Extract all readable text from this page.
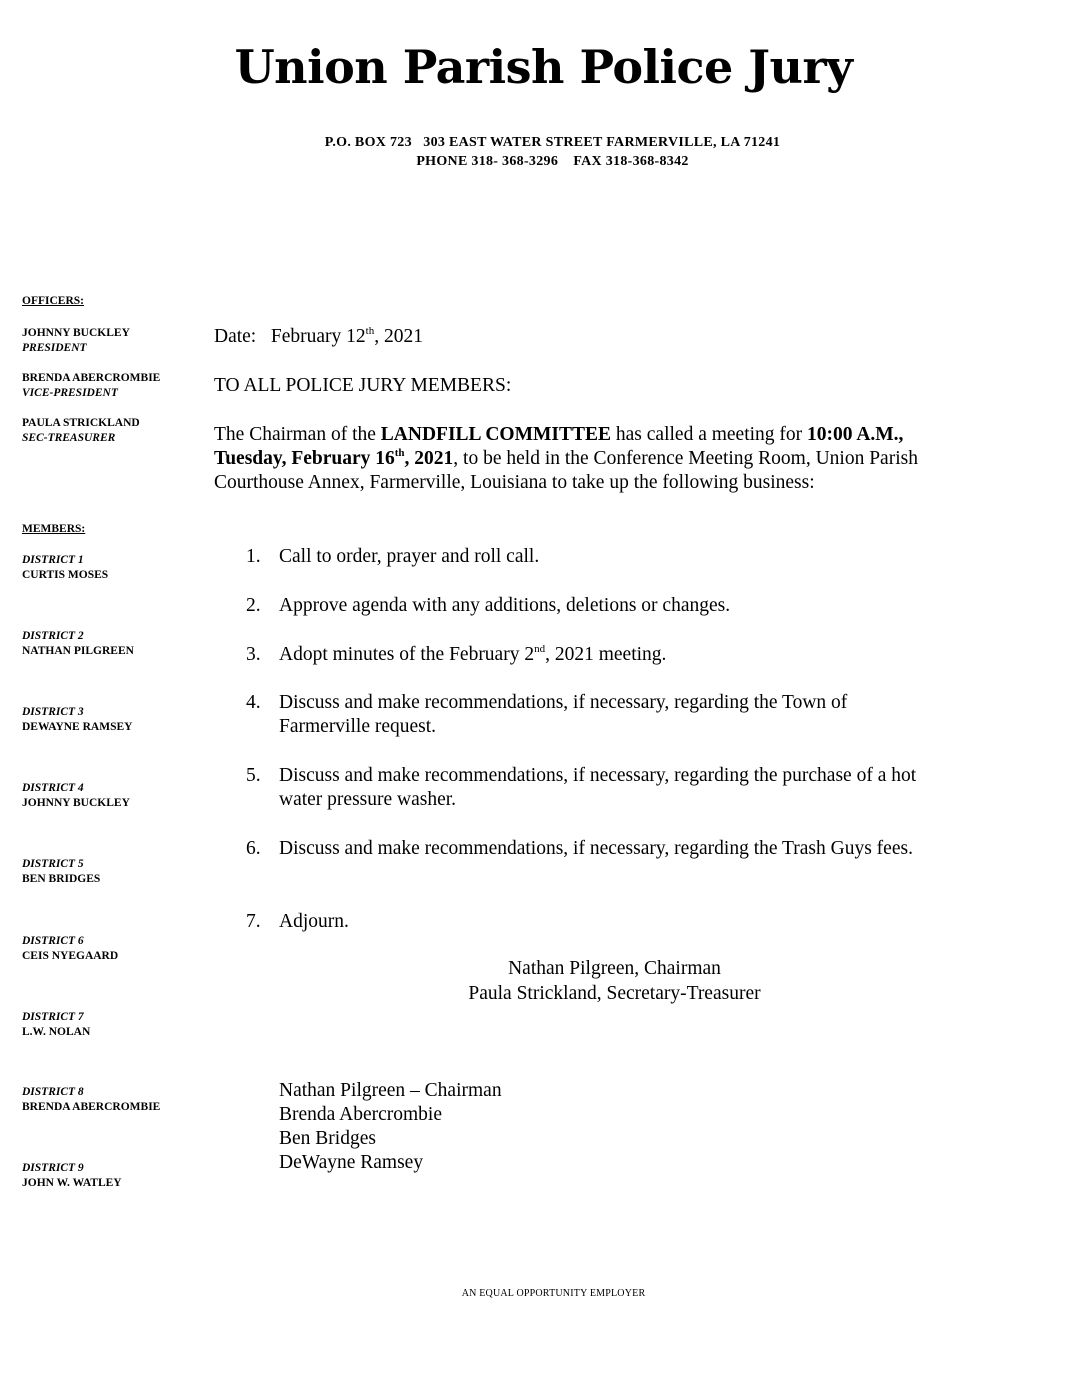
Union Parish Police Jury
P.O. BOX 723   303 EAST WATER STREET FARMERVILLE, LA 71241
PHONE 318- 368-3296    FAX 318-368-8342
OFFICERS:
JOHNNY BUCKLEY
PRESIDENT
BRENDA ABERCROMBIE
VICE-PRESIDENT
PAULA STRICKLAND
SEC-TREASURER
MEMBERS:
DISTRICT 1
CURTIS MOSES
DISTRICT 2
NATHAN PILGREEN
DISTRICT 3
DEWAYNE RAMSEY
DISTRICT 4
JOHNNY BUCKLEY
DISTRICT 5
BEN BRIDGES
DISTRICT 6
CEIS NYEGAARD
DISTRICT 7
L.W. NOLAN
DISTRICT 8
BRENDA ABERCROMBIE
DISTRICT 9
JOHN W. WATLEY
Date: February 12th, 2021
TO ALL POLICE JURY MEMBERS:
The Chairman of the LANDFILL COMMITTEE has called a meeting for 10:00 A.M., Tuesday, February 16th, 2021, to be held in the Conference Meeting Room, Union Parish Courthouse Annex, Farmerville, Louisiana to take up the following business:
1. Call to order, prayer and roll call.
2. Approve agenda with any additions, deletions or changes.
3. Adopt minutes of the February 2nd, 2021 meeting.
4. Discuss and make recommendations, if necessary, regarding the Town of Farmerville request.
5. Discuss and make recommendations, if necessary, regarding the purchase of a hot water pressure washer.
6. Discuss and make recommendations, if necessary, regarding the Trash Guys fees.
7. Adjourn.
Nathan Pilgreen, Chairman
Paula Strickland, Secretary-Treasurer
Nathan Pilgreen – Chairman
Brenda Abercrombie
Ben Bridges
DeWayne Ramsey
AN EQUAL OPPORTUNITY EMPLOYER
